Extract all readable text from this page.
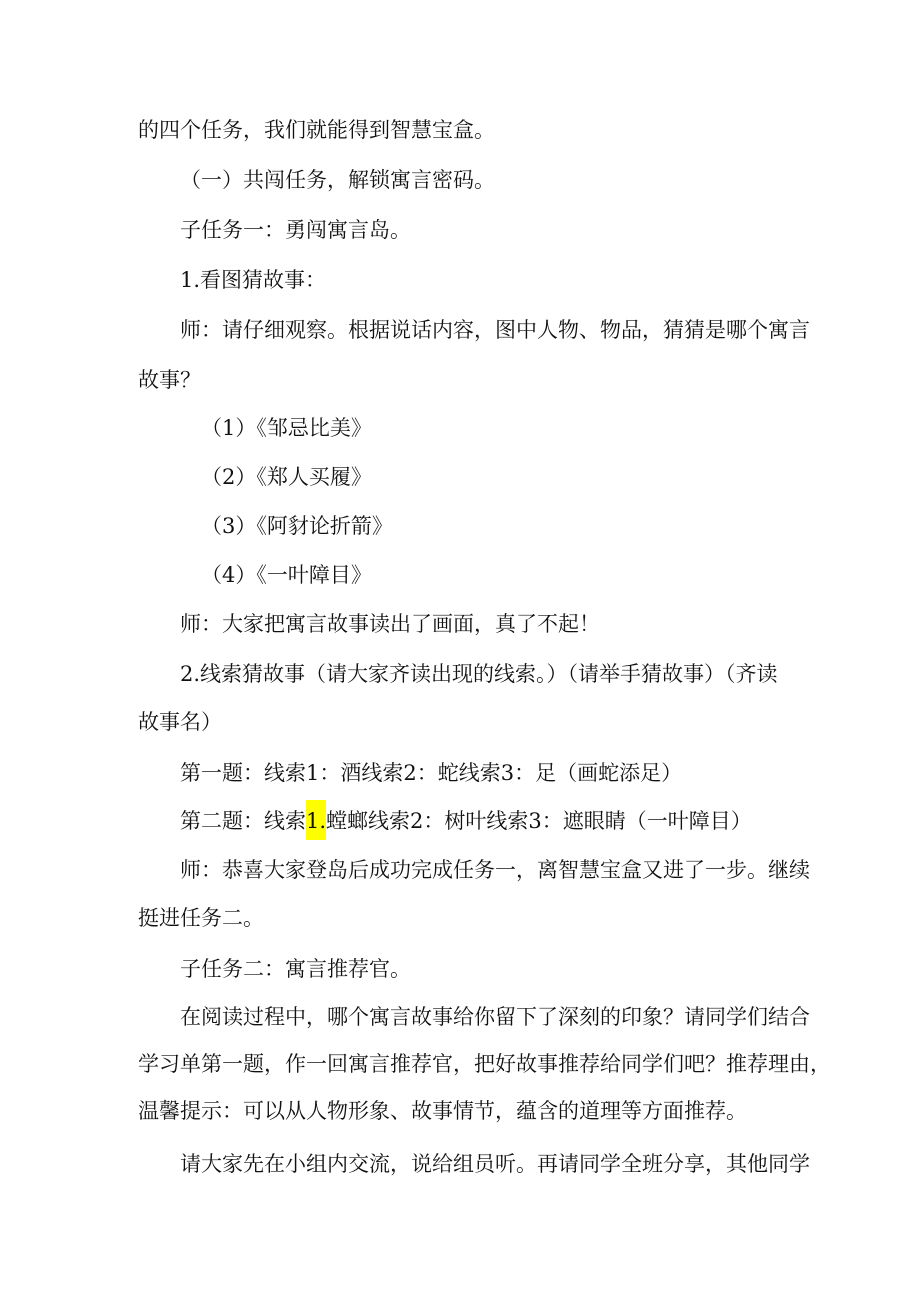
的四个任务，我们就能得到智慧宝盒。

（一）共闯任务，解锁寓言密码。

子任务一：勇闯寓言岛。

1.看图猜故事：

师：请仔细观察。根据说话内容，图中人物、物品，猜猜是哪个寓言

故事？

（1）《邹忌比美》

（2）《郑人买履》

（3）《阿豺论折箭》

（4）《一叶障目》

师：大家把寓言故事读出了画面，真了不起！

2.线索猜故事（请大家齐读出现的线索。）（请举手猜故事）（齐读

故事名）

第一题：线索1：酒线索2：蛇线索3：足（画蛇添足）

第二题：线索1.螳螂线索2：树叶线索3：遮眼睛（一叶障目）

师：恭喜大家登岛后成功完成任务一，离智慧宝盒又进了一步。继续

挺进任务二。

子任务二：寓言推荐官。

在阅读过程中，哪个寓言故事给你留下了深刻的印象？请同学们结合

学习单第一题，作一回寓言推荐官，把好故事推荐给同学们吧？推荐理由，

温馨提示：可以从人物形象、故事情节，蕴含的道理等方面推荐。

请大家先在小组内交流，说给组员听。再请同学全班分享，其他同学
